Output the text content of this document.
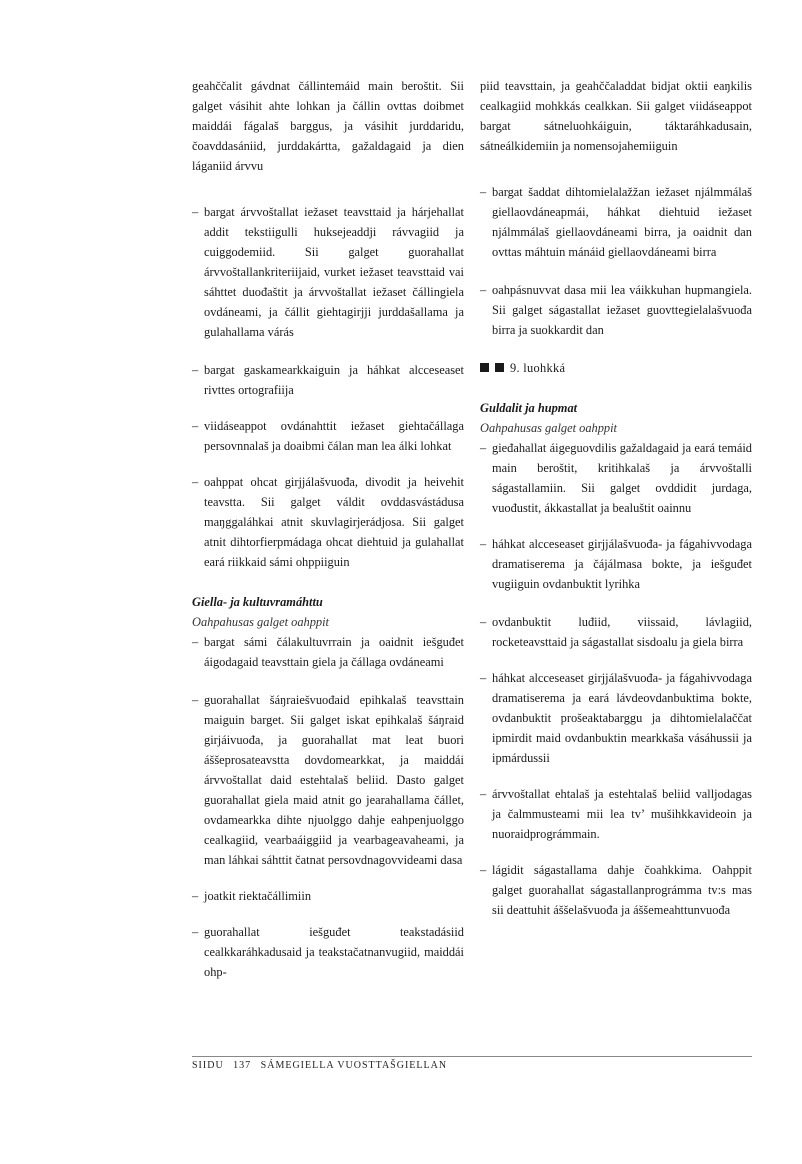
geahččalit gávdnat čállintemáid main beroštit. Sii galget vásihit ahte lohkan ja čállin ovttas doibmet maiddái fágalaš barggus, ja vásihit jurddaridu, čoavddasániid, jurddakártta, gažaldagaid ja dien láganiid árvvu

– bargat árvvoštallat iežaset teavsttaid ja hárjehallat addit tekstiigulli huksejeaddji rávvagiid ja cuiggodemiid. Sii galget guorahallat árvvoštallankriteriijaid, vurket iežaset teavsttaid vai sáhttet duođaštit ja árvvoštallat iežaset čállingiela ovdáneami, ja čállit giehtagirjji jurddašallama ja gulahallama várás

– bargat gaskamearkkaiguin ja háhkat alcceseaset rivttes ortografiija

– viidáseappot ovdánahttit iežaset giehtačállaga persovnnalaš ja doaibmi čálan man lea álki lohkat

– oahppat ohcat girjjálašvuođa, divodit ja heivehit teavstta. Sii galget váldit ovddasvástádusa maŋggaláhkai atnit skuvlagirjerádjosa. Sii galget atnit dihtorfierpmádaga ohcat diehtuid ja gulahallat eará riikkaid sámi ohppiiguin

Giella- ja kultuvramáhttu

Oahpahusas galget oahppit

– bargat sámi čálakultuvrrain ja oaidnit iešguđet áigodagaid teavsttain giela ja čállaga ovdáneami

– guorahallat šáŋraiešvuođaid epihkalaš teavsttain maiguin barget. Sii galget iskat epihkalaš šáŋraid girjáivuođa, ja guorahallat mat leat buori áššeprosateavstta dovdomearkkat, ja maiddái árvvoštallat daid estehtalaš beliid. Dasto galget guorahallat giela maid atnit go jearahallama čállet, ovdamearkka dihte njuolggo dahje eahpenjuolggo cealkagiid, vearbaáiggiid ja vearbageavaheami, ja man láhkai sáhttit čatnat persovdnagovvideami dasa

– joatkit riektačállimiin

– guorahallat iešguđet teakstadásiid cealkkaráhkadusaid ja teakstačatnanvugiid, maiddái ohp-

piid teavsttain, ja geahččaladdat bidjat oktii eaŋkilis cealkagiid mohkkás cealkkan. Sii galget viidáseappot bargat sátneluohkáiguin, táktaráhkadusain, sátneálkidemiin ja nomensojahemiiguin

– bargat šaddat dihtomielalažžan iežaset njálmmálaš giellaovdáneapmái, háhkat diehtuid iežaset njálmmálaš giellaovdáneami birra, ja oaidnit dan ovttas máhtuin mánáid giellaovdáneami birra

– oahpásnuvvat dasa mii lea váikkuhan hupmangiela. Sii galget ságastallat iežaset guovttegielalašvuođa birra ja suokkardit dan

9. luohkká

Guldalit ja hupmat

Oahpahusas galget oahppit

– gieđahallat áigeguovdilis gažaldagaid ja eará temáid main beroštit, kritihkalaš ja árvvoštalli ságastallamiin. Sii galget ovddidit jurdaga, vuođustit, ákkastallat ja bealuštit oainnu

– háhkat alcceseaset girjjálašvuođa- ja fágahivvodaga dramatiserema ja čájálmasa bokte, ja iešguđet vugiiguin ovdanbuktit lyrihka

– ovdanbuktit luđiid, viissaid, lávlagiid, rocketeavsttaid ja ságastallat sisdoalu ja giela birra

– háhkat alcceseaset girjjálašvuođa- ja fágahivvodaga dramatiserema ja eará lávdeovdanbuktima bokte, ovdanbuktit prošeaktabarggu ja dihtomielalaččat ipmirdit maid ovdanbuktin mearkkaša vásáhussii ja ipmárdussii

– árvvoštallat ehtalaš ja estehtalaš beliid valljodagas ja čalmmusteami mii lea tv’ mušihkkavideoin ja nuoraidprográmmain.

– lágidit ságastallama dahje čoahkkima. Oahppit galget guorahallat ságastallanprográmma tv:s mas sii deattuhit áššelašvuođa ja áššemeahttunvuođa

SIIDU 137 SÁMEGIELLA VUOSTTAŠGIELLAN
